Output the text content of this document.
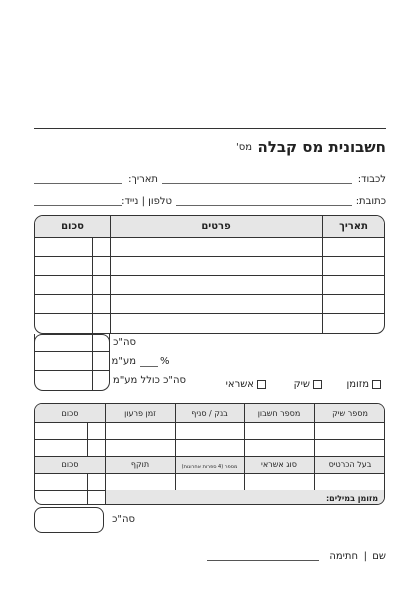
חשבונית מס קבלה
מס'
לכבוד:
תאריך:
כתובת:
טלפון | נייד:
תאריך
פרטים
סכום
סה"כ
מע"מ %
סה"כ כולל מע"מ	מזומן
שיק
אשראי
מספר שיק
מספר חשבון
בנק / סניף
זמן פרעון
סכום
בעל הכרטיס
סוג אשראי
מספר (4 ספרות אחרונות)
תוקף
סכום
מזומן במילים:
סה"כ
שם
|
חתימה
